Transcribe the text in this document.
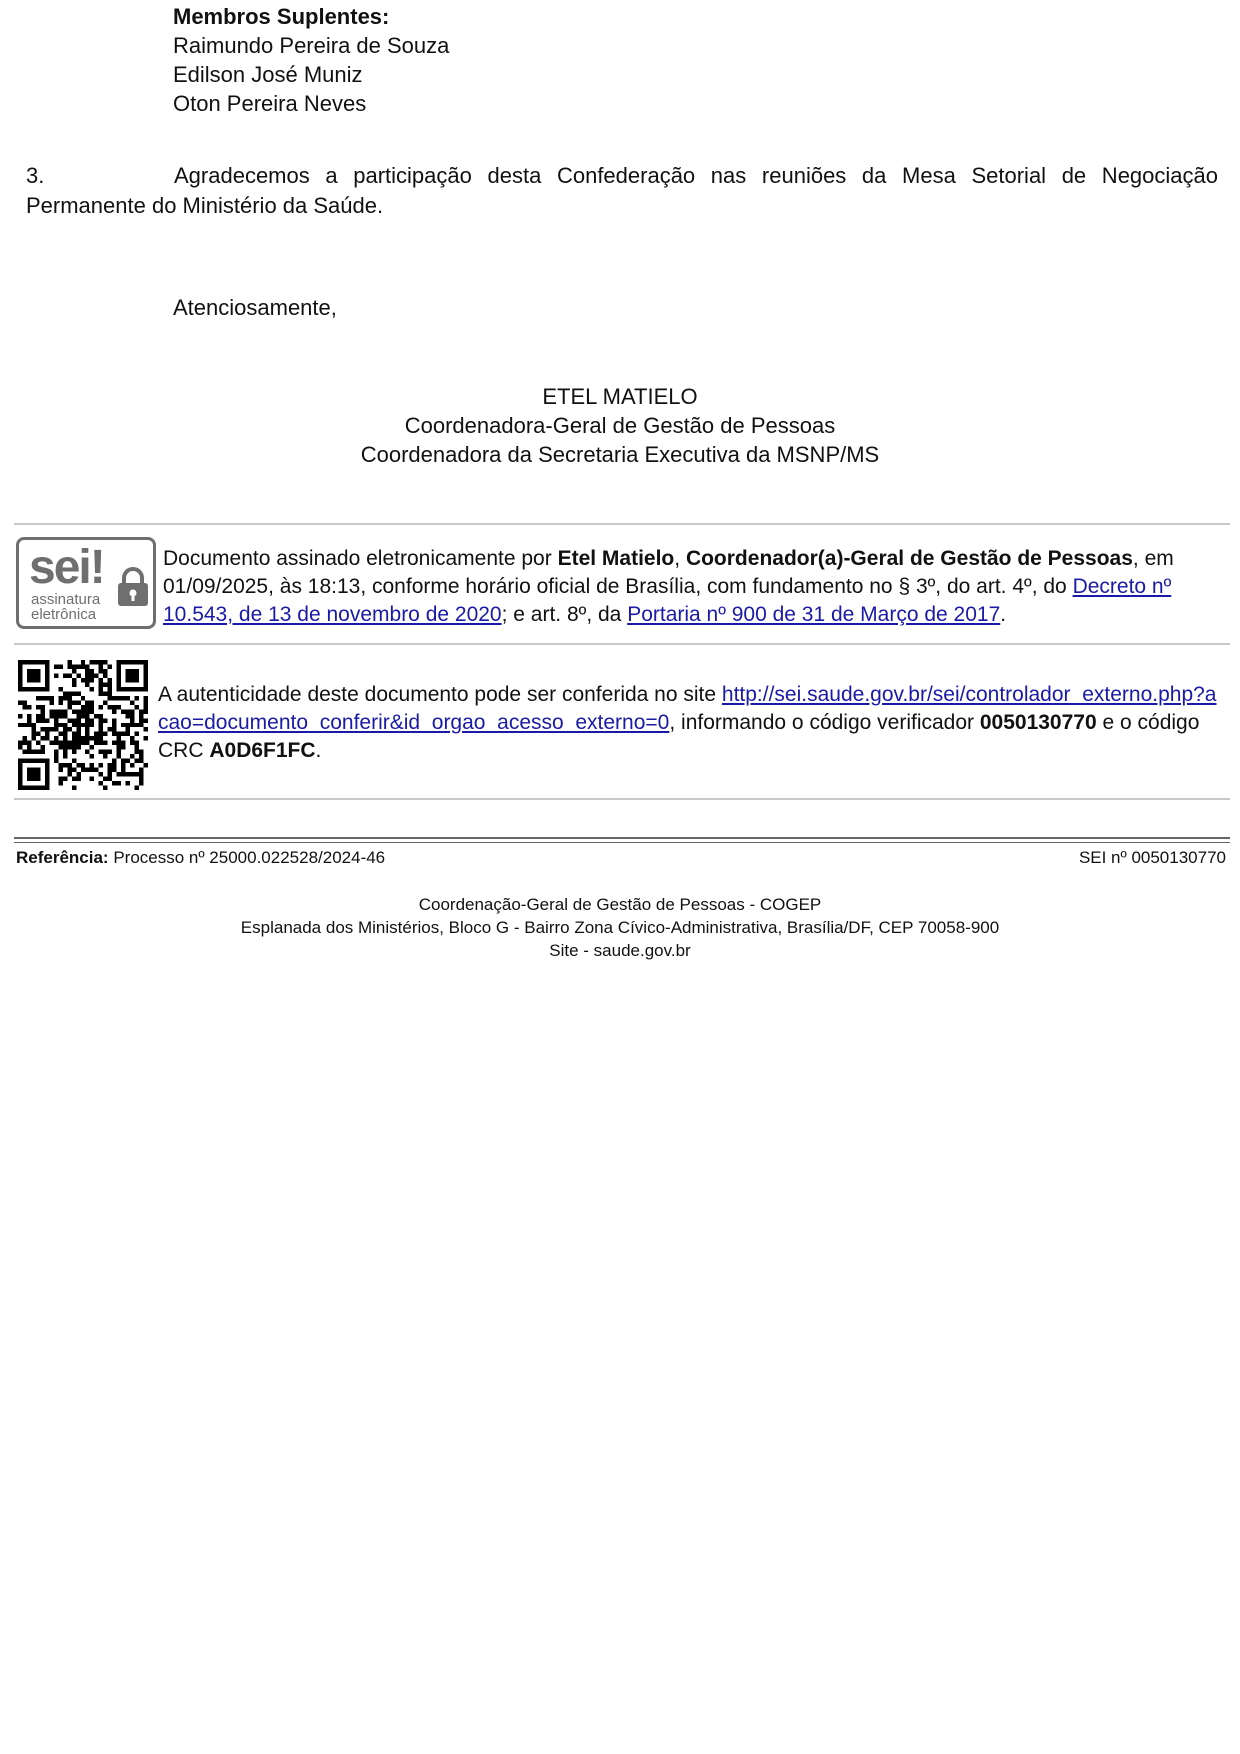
Membros Suplentes:
Raimundo Pereira de Souza
Edilson José Muniz
Oton Pereira Neves
3.	Agradecemos a participação desta Confederação nas reuniões da Mesa Setorial de Negociação Permanente do Ministério da Saúde.
Atenciosamente,
ETEL MATIELO
Coordenadora-Geral de Gestão de Pessoas
Coordenadora da Secretaria Executiva da MSNP/MS
sei!
assinatura
eletrônica
Documento assinado eletronicamente por Etel Matielo, Coordenador(a)-Geral de Gestão de Pessoas, em 01/09/2025, às 18:13, conforme horário oficial de Brasília, com fundamento no § 3º, do art. 4º, do Decreto nº 10.543, de 13 de novembro de 2020; e art. 8º, da Portaria nº 900 de 31 de Março de 2017.
A autenticidade deste documento pode ser conferida no site http://sei.saude.gov.br/sei/controlador_externo.php?acao=documento_conferir&id_orgao_acesso_externo=0, informando o código verificador 0050130770 e o código CRC A0D6F1FC.
Referência: Processo nº 25000.022528/2024-46	SEI nº 0050130770
Coordenação-Geral de Gestão de Pessoas - COGEP
Esplanada dos Ministérios, Bloco G - Bairro Zona Cívico-Administrativa, Brasília/DF, CEP 70058-900
Site - saude.gov.br
